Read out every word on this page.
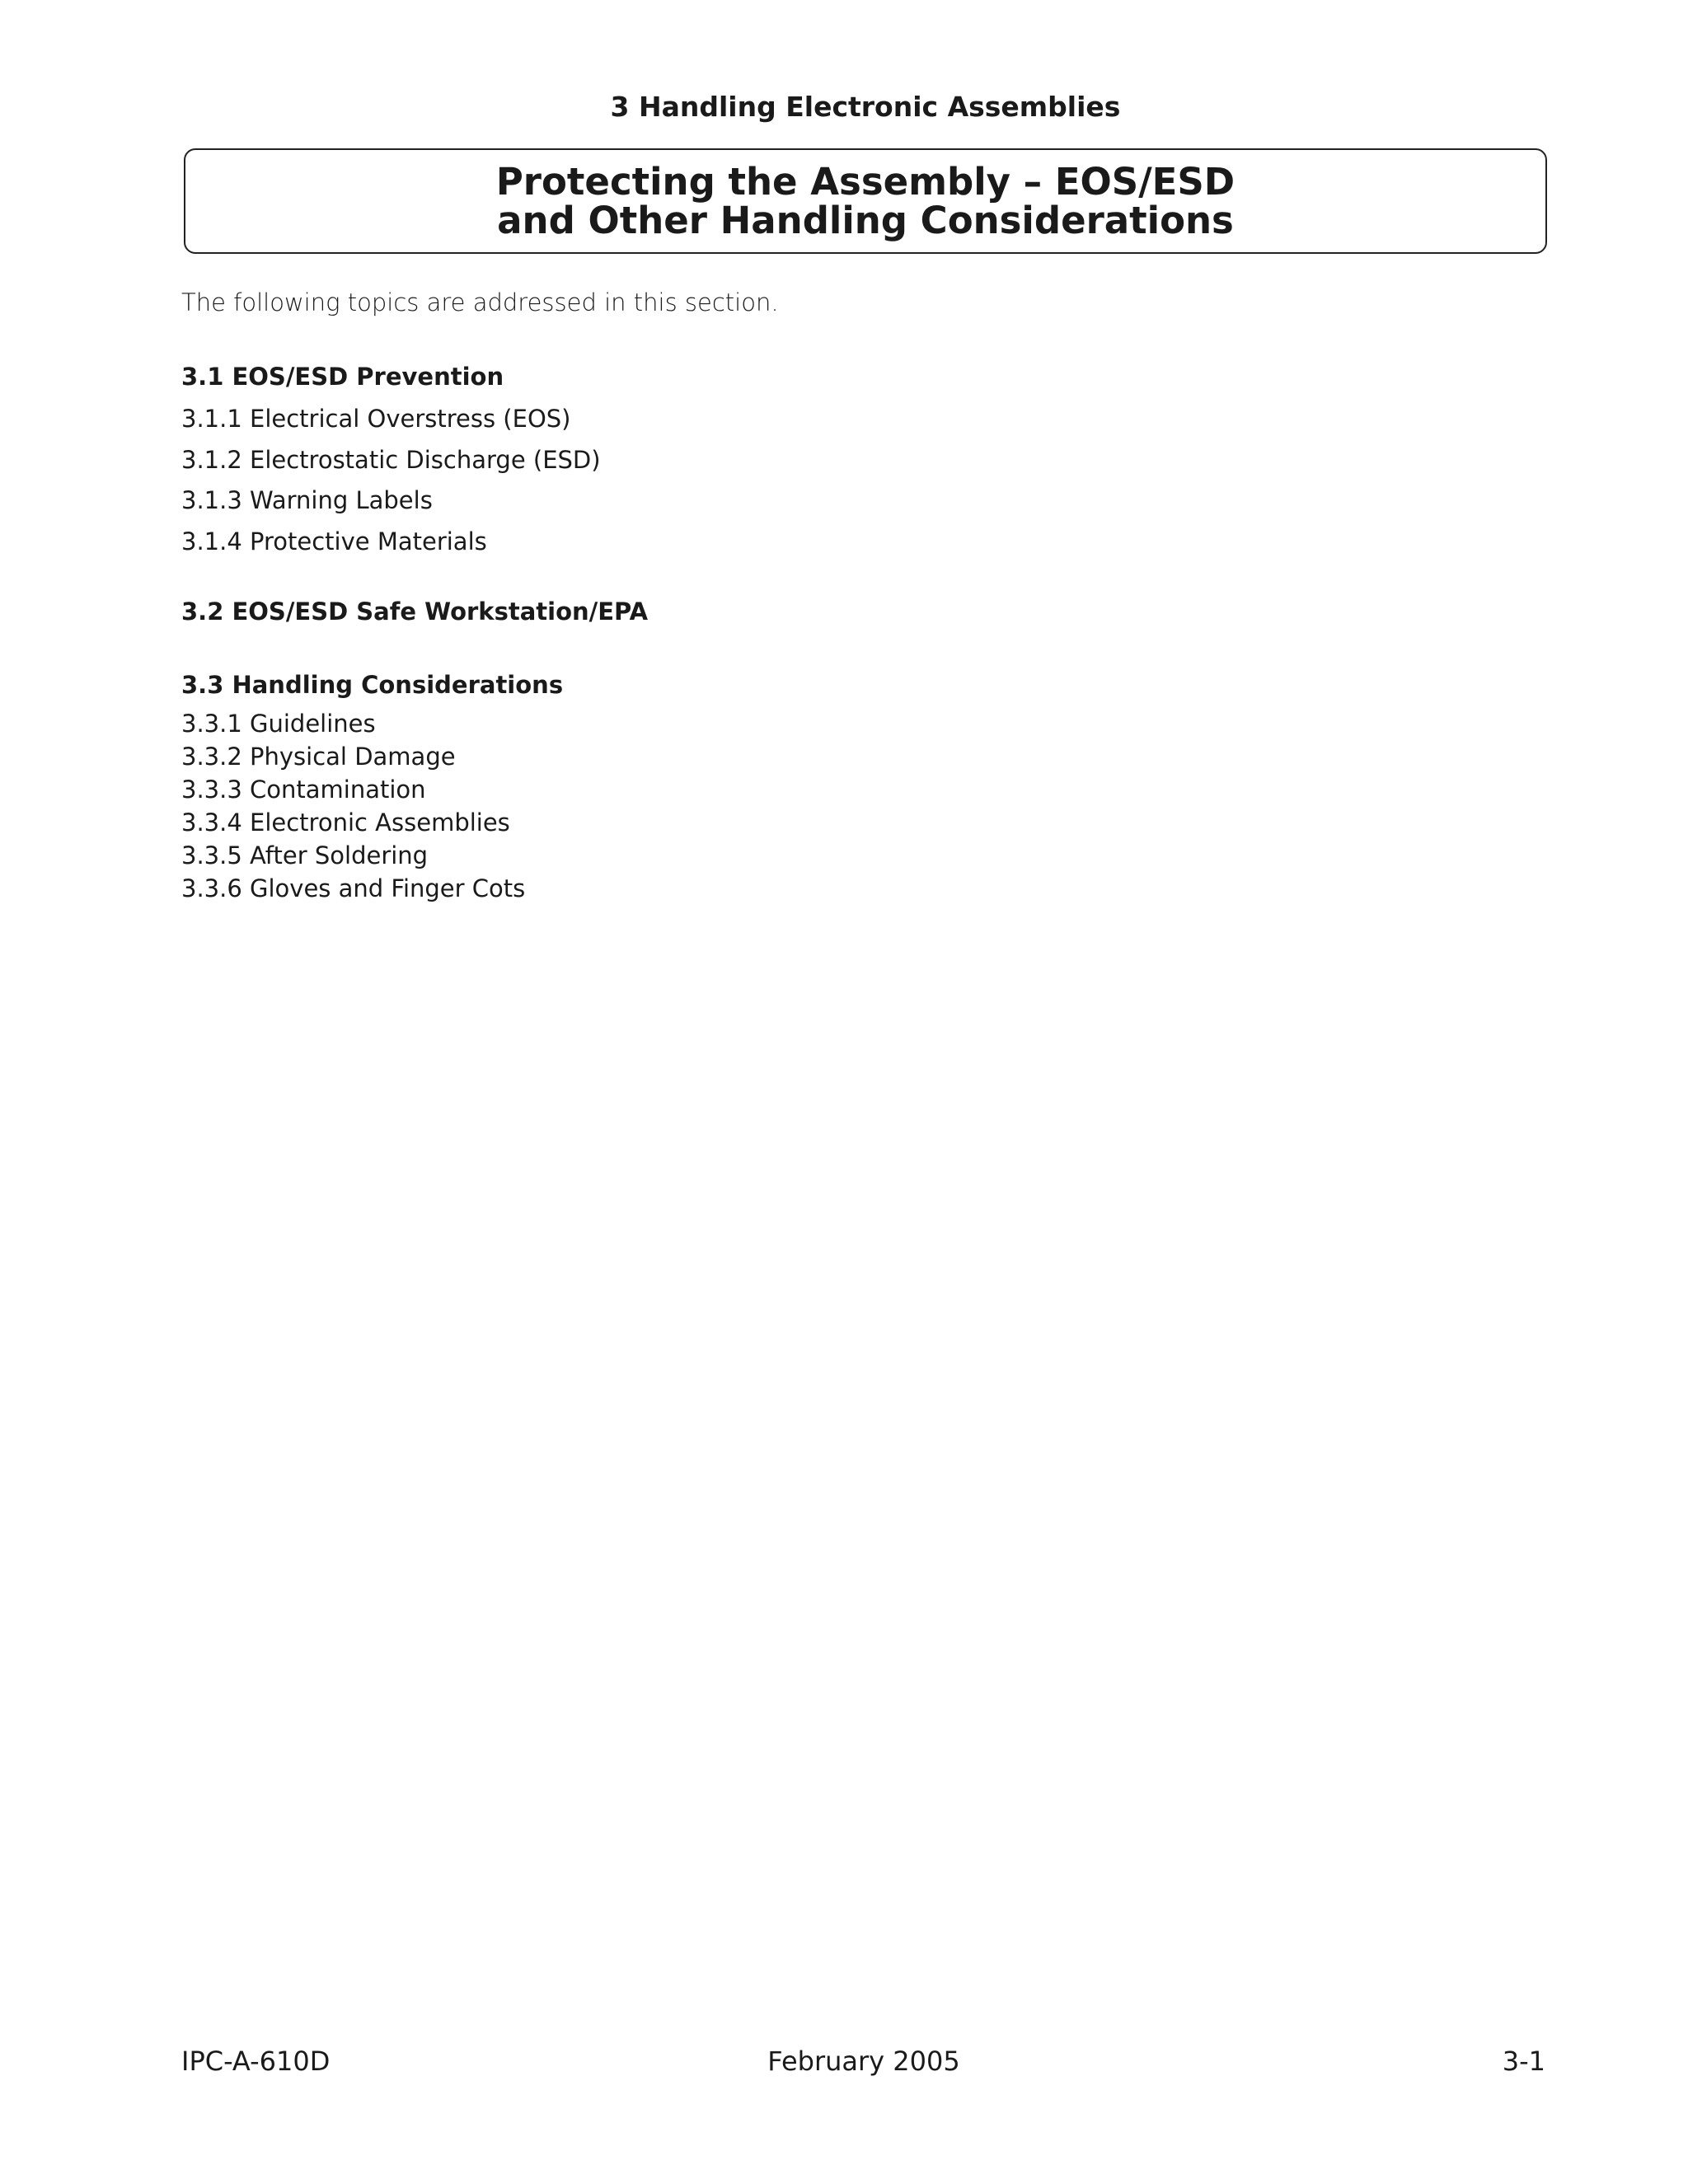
3 Handling Electronic Assemblies
Protecting the Assembly – EOS/ESD
and Other Handling Considerations
The following topics are addressed in this section.
3.1 EOS/ESD Prevention
3.1.1 Electrical Overstress (EOS)
3.1.2 Electrostatic Discharge (ESD)
3.1.3 Warning Labels
3.1.4 Protective Materials
3.2 EOS/ESD Safe Workstation/EPA
3.3 Handling Considerations
3.3.1 Guidelines
3.3.2 Physical Damage
3.3.3 Contamination
3.3.4 Electronic Assemblies
3.3.5 After Soldering
3.3.6 Gloves and Finger Cots
IPC-A-610D	February 2005	3-1
